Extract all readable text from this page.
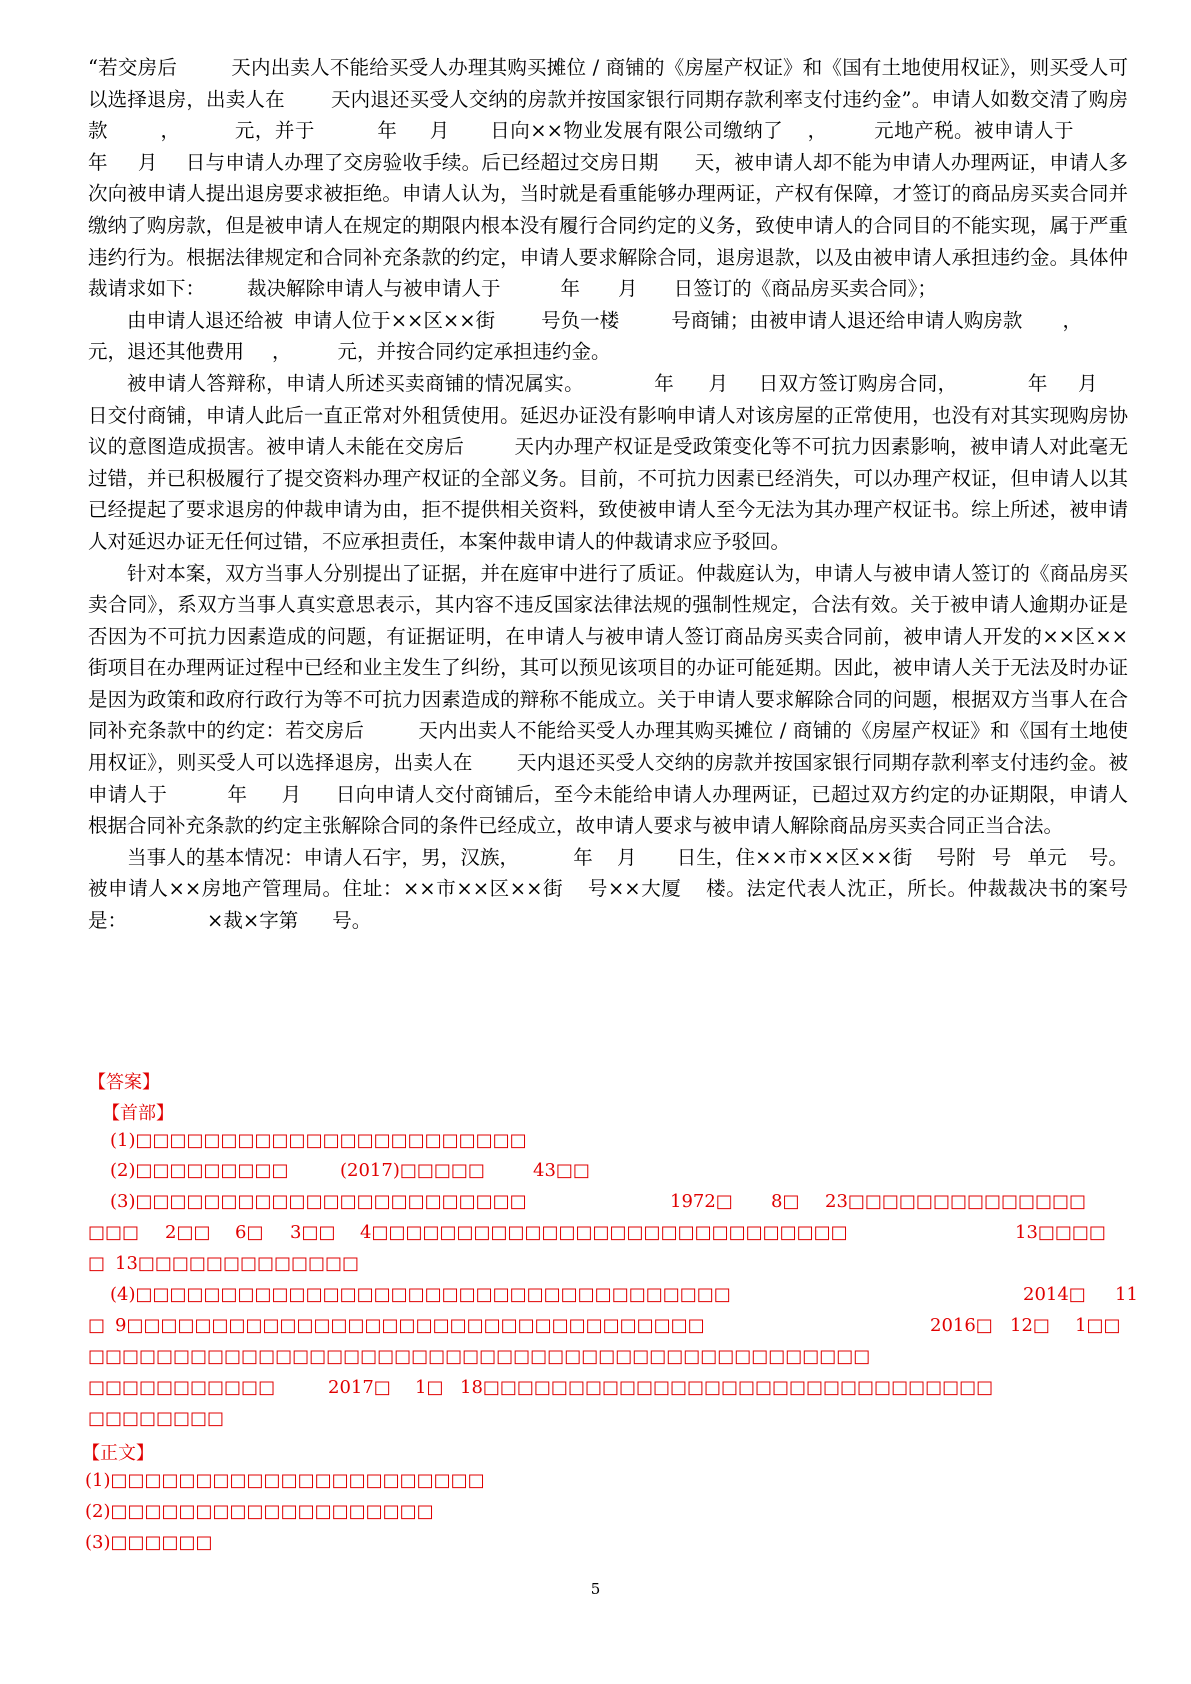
“若交房后	天内出卖人不能给买受人办理其购买摊位 / 商铺的《房屋产权证》和《国有土地使用权证》，则买受人可以选择退房，出卖人在 天内退还买受人交纳的房款并按国家银行同期存款利率支付违约金”。申请人如数交清了购房款	，	元，并于	年 月 日向××物业发展有限公司缴纳了 ， 元地产税。被申请人于年 月 日与申请人办理了交房验收手续。后已经超过交房日期 天，被申请人却不能为申请人办理两证，申请人多次向被申请人提出退房要求被拒绝。申请人认为，当时就是看重能够办理两证，产权有保障，才签订的商品房买卖合同并缴纳了购房款，但是被申请人在规定的期限内根本没有履行合同约定的义务，致使申请人的合同目的不能实现，属于严重违约行为。根据法律规定和合同补充条款的约定，申请人要求解除合同，退房退款，以及由被申请人承担违约金。具体仲裁请求如下： 裁决解除申请人与被申请人于	年 月 日签订的《商品房买卖合同》；

由申请人退还给被 申请人位于××区××街 号负一楼	号商铺；由被申请人退还给申请人购房款 ，元，退还其他费用 ， 元，并按合同约定承担违约金。

被申请人答辩称，申请人所述买卖商铺的情况属实。	年 月 日双方签订购房合同，	年 月日交付商铺，申请人此后一直正常对外租赁使用。延迟办证没有影响申请人对该房屋的正常使用，也没有对其实现购房协议的意图造成损害。被申请人未能在交房后	天内办理产权证是受政策变化等不可抗力因素影响，被申请人对此毫无过错，并已积极履行了提交资料办理产权证的全部义务。目前，不可抗力因素已经消失，可以办理产权证，但申请人以其已经提起了要求退房的仲裁申请为由，拒不提供相关资料，致使被申请人至今无法为其办理产权证书。综上所述，被申请人对延迟办证无任何过错，不应承担责任，本案仲裁申请人的仲裁请求应予驳回。

针对本案，双方当事人分别提出了证据，并在庭审中进行了质证。仲裁庭认为，申请人与被申请人签订的《商品房买卖合同》，系双方当事人真实意思表示，其内容不违反国家法律法规的强制性规定，合法有效。关于被申请人逾期办证是否因为不可抗力因素造成的问题，有证据证明，在申请人与被申请人签订商品房买卖合同前，被申请人开发的××区××街项目在办理两证过程中已经和业主发生了纠纷，其可以预见该项目的办证可能延期。因此，被申请人关于无法及时办证是因为政策和政府行政行为等不可抗力因素造成的辩称不能成立。关于申请人要求解除合同的问题，根据双方当事人在合同补充条款中的约定：若交房后	天内出卖人不能给买受人办理其购买摊位 / 商铺的《房屋产权证》和《国有土地使用权证》，则买受人可以选择退房，出卖人在 天内退还买受人交纳的房款并按国家银行同期存款利率支付违约金。被申请人于	年 月 日向申请人交付商铺后，至今未能给申请人办理两证，已超过双方约定的办证期限，申请人根据合同补充条款的约定主张解除合同的条件已经成立，故申请人要求与被申请人解除商品房买卖合同正当合法。

当事人的基本情况：申请人石宇，男，汉族，	年 月 日生，住××市××区××街 号附 号 单元 号。被申请人××房地产管理局。住址：××市××区××街 号××大厦 楼。法定代表人沈正，所长。仲裁裁决书的案号是：	×裁×字第 号。

【答案】
【首部】
(1)□□□□□□□□□□□□□□□□□□□□□□□
(2)□□□□□□□□□	(2017)□□□□□	43□□
(3)□□□□□□□□□□□□□□□□□□□□□□□	1972□ 8□ 23□□□□□□□□□□□□□□
□□□ 2□□ 6□ 3□□ 4□□□□□□□□□□□□□□□□□□□□□□□□□□□□	13□□□□
□ 13□□□□□□□□□□□□□
(4)□□□□□□□□□□□□□□□□□□□□□□□□□□□□□□□□□□□	2014□ 11
□ 9□□□□□□□□□□□□□□□□□□□□□□□□□□□□□□□□□□	2016□ 12□ 1□□
□□□□□□□□□□□□□□□□□□□□□□□□□□□□□□□□□□□□□□□□□□□□□□
□□□□□□□□□□□	2017□ 1□ 18□□□□□□□□□□□□□□□□□□□□□□□□□□□□□□
□□□□□□□□
【正文】
(1)□□□□□□□□□□□□□□□□□□□□□□
(2)□□□□□□□□□□□□□□□□□□□
(3)□□□□□□
5
